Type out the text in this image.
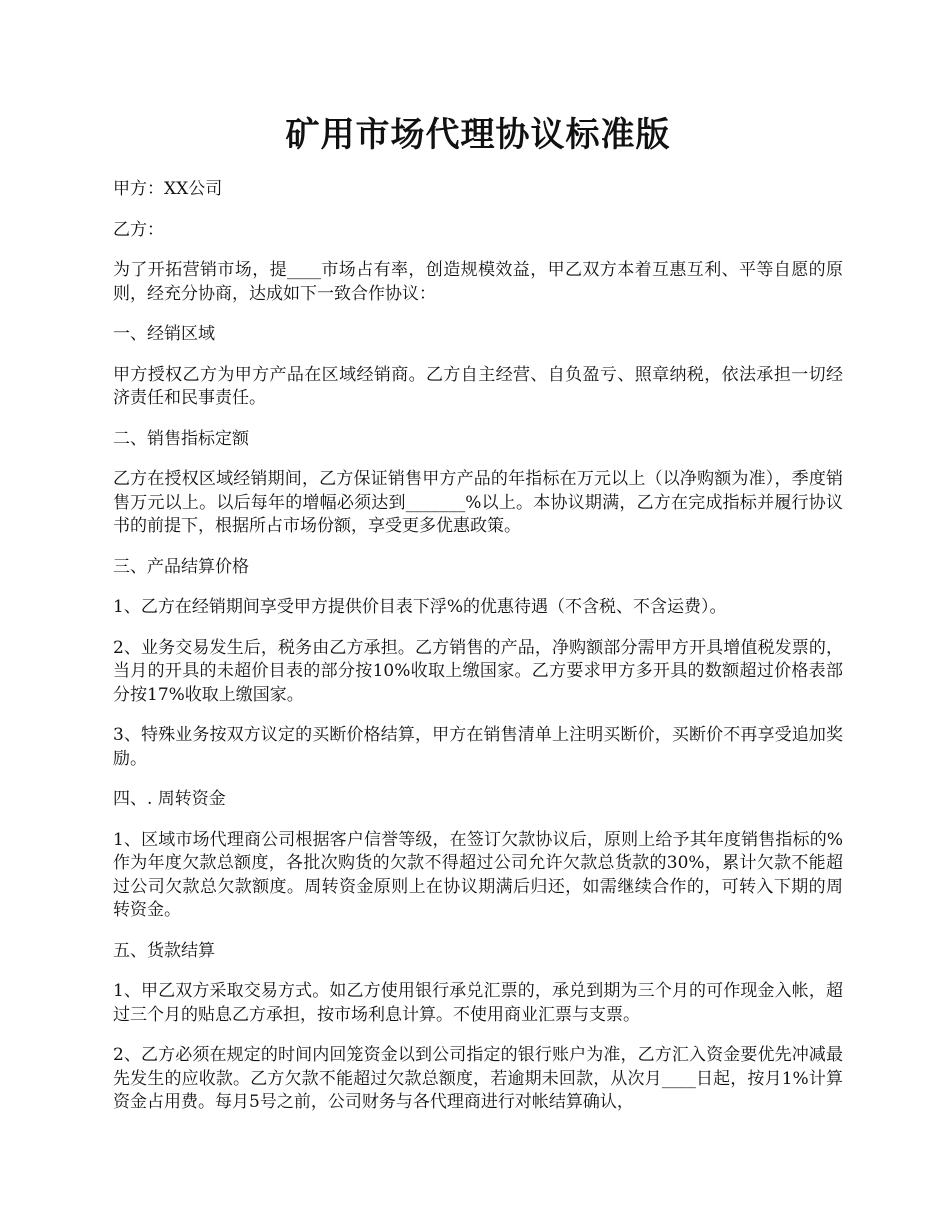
矿用市场代理协议标准版

甲方：XX公司

乙方：

为了开拓营销市场，提____市场占有率，创造规模效益，甲乙双方本着互惠互利、平等自愿的原则，经充分协商，达成如下一致合作协议：

一、经销区域

甲方授权乙方为甲方产品在区域经销商。乙方自主经营、自负盈亏、照章纳税，依法承担一切经济责任和民事责任。

二、销售指标定额

乙方在授权区域经销期间，乙方保证销售甲方产品的年指标在万元以上（以净购额为准），季度销售万元以上。以后每年的增幅必须达到_______%以上。本协议期满，乙方在完成指标并履行协议书的前提下，根据所占市场份额，享受更多优惠政策。

三、产品结算价格

1、乙方在经销期间享受甲方提供价目表下浮%的优惠待遇（不含税、不含运费）。

2、业务交易发生后，税务由乙方承担。乙方销售的产品，净购额部分需甲方开具增值税发票的，当月的开具的未超价目表的部分按10%收取上缴国家。乙方要求甲方多开具的数额超过价格表部分按17%收取上缴国家。

3、特殊业务按双方议定的买断价格结算，甲方在销售清单上注明买断价，买断价不再享受追加奖励。

四、. 周转资金

1、区域市场代理商公司根据客户信誉等级，在签订欠款协议后，原则上给予其年度销售指标的%作为年度欠款总额度，各批次购货的欠款不得超过公司允许欠款总货款的30%，累计欠款不能超过公司欠款总欠款额度。周转资金原则上在协议期满后归还，如需继续合作的，可转入下期的周转资金。

五、货款结算

1、甲乙双方采取交易方式。如乙方使用银行承兑汇票的，承兑到期为三个月的可作现金入帐，超过三个月的贴息乙方承担，按市场利息计算。不使用商业汇票与支票。

2、乙方必须在规定的时间内回笼资金以到公司指定的银行账户为准，乙方汇入资金要优先冲减最先发生的应收款。乙方欠款不能超过欠款总额度，若逾期未回款，从次月____日起，按月1%计算资金占用费。每月5号之前，公司财务与各代理商进行对帐结算确认，
